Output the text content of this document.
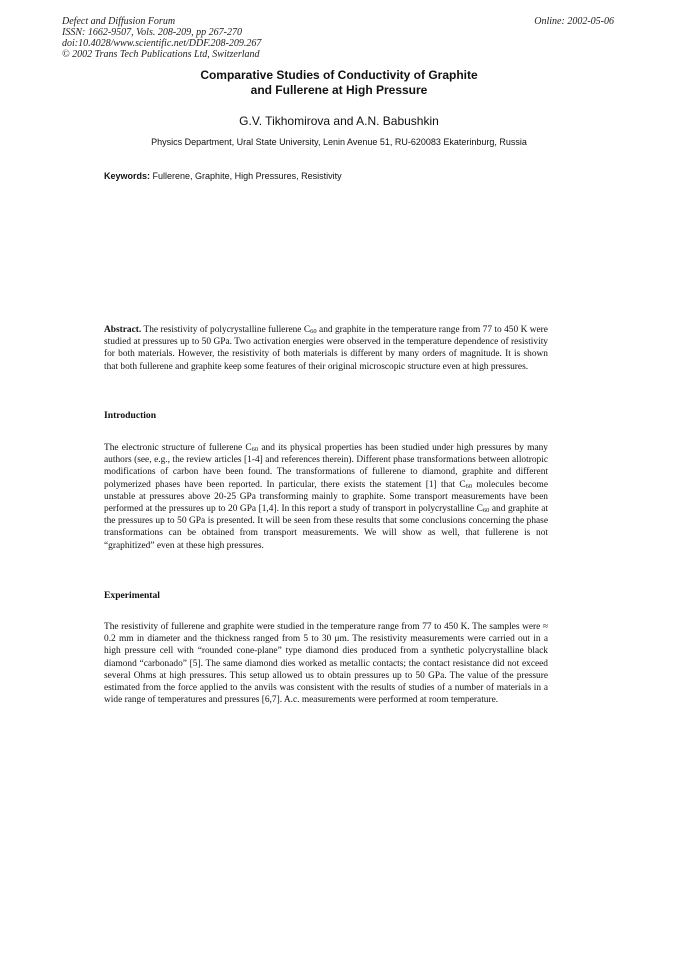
Defect and Diffusion Forum
ISSN: 1662-9507, Vols. 208-209, pp 267-270
doi:10.4028/www.scientific.net/DDF.208-209.267
© 2002 Trans Tech Publications Ltd, Switzerland
Online: 2002-05-06
Comparative Studies of Conductivity of Graphite
and Fullerene at High Pressure
G.V. Tikhomirova and A.N. Babushkin
Physics Department, Ural State University, Lenin Avenue 51, RU-620083 Ekaterinburg, Russia
Keywords: Fullerene, Graphite, High Pressures, Resistivity
Abstract. The resistivity of polycrystalline fullerene $C_{60}$ and graphite in the temperature range from 77 to 450 K were studied at pressures up to 50 GPa. Two activation energies were observed in the temperature dependence of resistivity for both materials. However, the resistivity of both materials is different by many orders of magnitude. It is shown that both fullerene and graphite keep some features of their original microscopic structure even at high pressures.
Introduction
The electronic structure of fullerene $C_{60}$ and its physical properties has been studied under high pressures by many authors (see, e.g., the review articles [1-4] and references therein). Different phase transformations between allotropic modifications of carbon have been found. The transformations of fullerene to diamond, graphite and different polymerized phases have been reported. In particular, there exists the statement [1] that $C_{60}$ molecules become unstable at pressures above 20-25 GPa transforming mainly to graphite. Some transport measurements have been performed at the pressures up to 20 GPa [1,4]. In this report a study of transport in polycrystalline $C_{60}$ and graphite at the pressures up to 50 GPa is presented. It will be seen from these results that some conclusions concerning the phase transformations can be obtained from transport measurements. We will show as well, that fullerene is not “graphitized” even at these high pressures.
Experimental
The resistivity of fullerene and graphite were studied in the temperature range from 77 to 450 K. The samples were ≈ 0.2 mm in diameter and the thickness ranged from 5 to 30 μm. The resistivity measurements were carried out in a high pressure cell with “rounded cone-plane” type diamond dies produced from a synthetic polycrystalline black diamond “carbonado” [5]. The same diamond dies worked as metallic contacts; the contact resistance did not exceed several Ohms at high pressures. This setup allowed us to obtain pressures up to 50 GPa. The value of the pressure estimated from the force applied to the anvils was consistent with the results of studies of a number of materials in a wide range of temperatures and pressures [6,7]. A.c. measurements were performed at room temperature.
